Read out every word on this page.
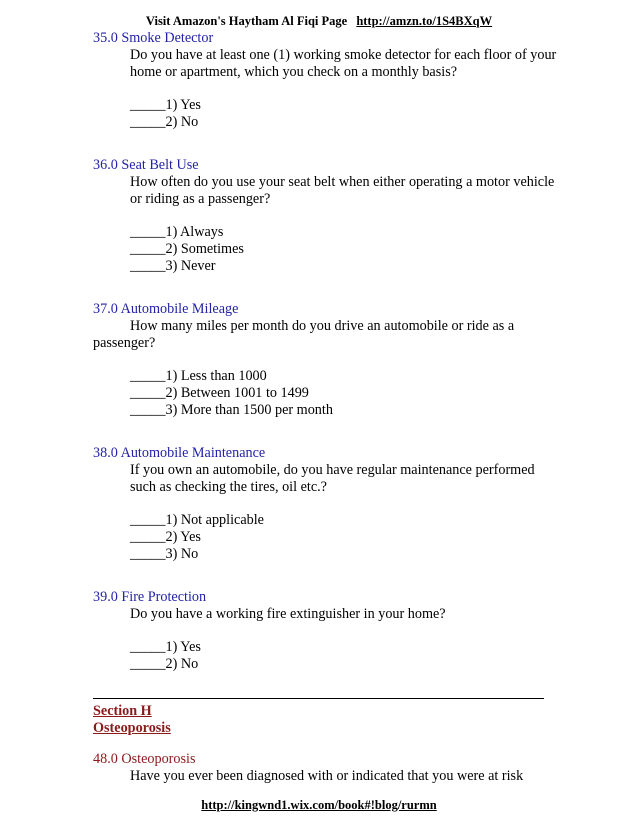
Visit Amazon's Haytham Al Fiqi Page http://amzn.to/1S4BXqW
35.0 Smoke Detector
Do you have at least one (1) working smoke detector for each floor of your home or apartment, which you check on a monthly basis?
_____1) Yes
_____2) No
36.0 Seat Belt Use
How often do you use your seat belt when either operating a motor vehicle or riding as a passenger?
_____1) Always
_____2) Sometimes
_____3) Never
37.0 Automobile Mileage
How many miles per month do you drive an automobile or ride as a passenger?
_____1) Less than 1000
_____2) Between 1001 to 1499
_____3) More than 1500 per month
38.0 Automobile Maintenance
If you own an automobile, do you have regular maintenance performed such as checking the tires, oil etc.?
_____1) Not applicable
_____2) Yes
_____3) No
39.0 Fire Protection
Do you have a working fire extinguisher in your home?
_____1) Yes
_____2) No
Section H
Osteoporosis
48.0 Osteoporosis
Have you ever been diagnosed with or indicated that you were at risk
http://kingwnd1.wix.com/book#!blog/rurmn
